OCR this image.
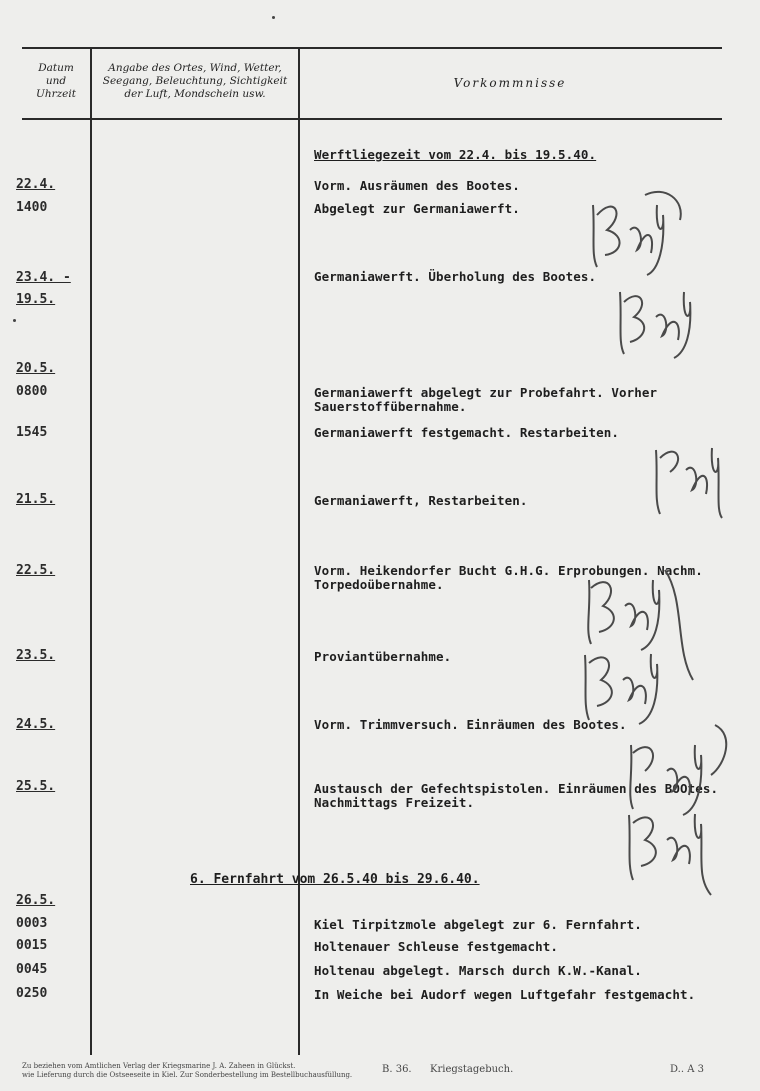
Datum
und
Uhrzeit
Angabe des Ortes, Wind, Wetter,
Seegang, Beleuchtung, Sichtigkeit
der Luft, Mondschein usw.
Vorkommnisse
22.4.
1400
23.4. -
19.5.
20.5.
0800
1545
21.5.
22.5.
23.5.
24.5.
25.5.
26.5.
0003
0015
0045
0250
Werftliegezeit vom 22.4. bis 19.5.40.
Vorm. Ausräumen des Bootes.
Abgelegt zur Germaniawerft.
Germaniawerft. Überholung des Bootes.
Germaniawerft abgelegt zur Probefahrt. Vorher Sauerstoffübernahme.
Germaniawerft festgemacht. Restarbeiten.
Germaniawerft, Restarbeiten.
Vorm. Heikendorfer Bucht G.H.G. Erprobungen. Nachm. Torpedoübernahme.
Proviantübernahme.
Vorm. Trimmversuch. Einräumen des Bootes.
Austausch der Gefechtspistolen. Einräumen des BOOtes. Nachmittags Freizeit.
6. Fernfahrt vom 26.5.40 bis 29.6.40.
Kiel Tirpitzmole abgelegt zur 6. Fernfahrt.
Holtenauer Schleuse festgemacht.
Holtenau abgelegt. Marsch durch K.W.-Kanal.
In Weiche bei Audorf wegen Luftgefahr festgemacht.
Zu beziehen vom Amtlichen Verlag der Kriegsmarine J. A. Zaheen in Glückst.
wie Lieferung durch die Ostseeseite in Kiel. Zur Sonderbestellung im Bestellbuchausfüllung.	B. 36. Kriegstagebuch.	D.. A 3
